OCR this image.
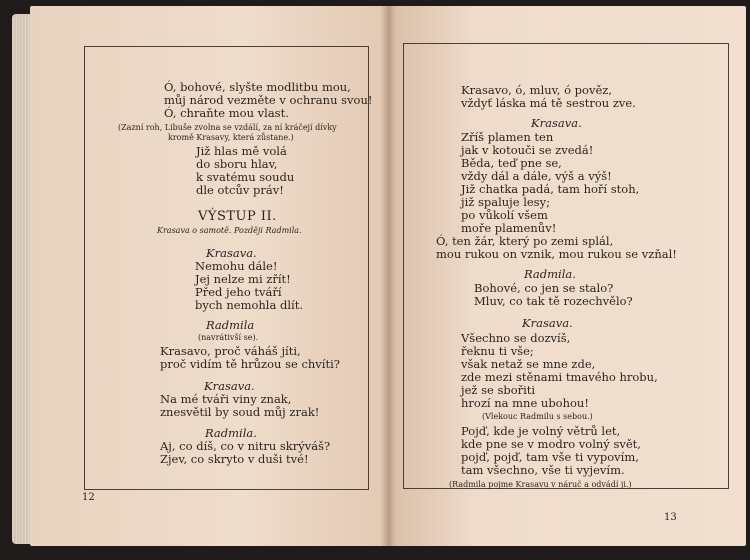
Ó, bohové, slyšte modlitbu mou,
můj národ vezměte v ochranu svou!
Ó, chraňte mou vlast.
(Zazní roh, Libuše zvolna se vzdálí, za ní kráčejí dívky
kromě Krasavy, která zůstane.)
Již hlas mě volá
do sboru hlav,
k svatému soudu
dle otcův práv!
VÝSTUP II.
Krasava o samotě. Později Radmila.
Krasava.
Nemohu dále!
Jej nelze mi zřít!
Před jeho tváří
bych nemohla dlít.
Radmila
(navrátivší se).
Krasavo, proč váháš jíti,
proč vidím tě hrůzou se chvíti?
Krasava.
Na mé tváři viny znak,
znesvětil by soud můj zrak!
Radmila.
Aj, co díš, co v nitru skrýváš?
Zjev, co skryto v duši tvé!
12
Krasavo, ó, mluv, ó pověz,
vždyť láska má tě sestrou zve.
Krasava.
Zříš plamen ten
jak v kotouči se zvedá!
Běda, teď pne se,
vždy dál a dále, výš a výš!
Již chatka padá, tam hoří stoh,
již spaluje lesy;
po vůkolí všem
moře plamenův!
Ó, ten žár, který po zemi splál,
mou rukou on vznik, mou rukou se vzňal!
Radmila.
Bohové, co jen se stalo?
Mluv, co tak tě rozechvělo?
Krasava.
Všechno se dozvíš,
řeknu ti vše;
však netaž se mne zde,
zde mezi stěnami tmavého hrobu,
jež se sbořiti
hrozí na mne ubohou!
(Vlekouc Radmilu s sebou.)
Pojď, kde je volný větrů let,
kde pne se v modro volný svět,
pojď, pojď, tam vše ti vypovím,
tam všechno, vše ti vyjevím.
(Radmila pojme Krasavu v náruč a odvádí ji.)
13
